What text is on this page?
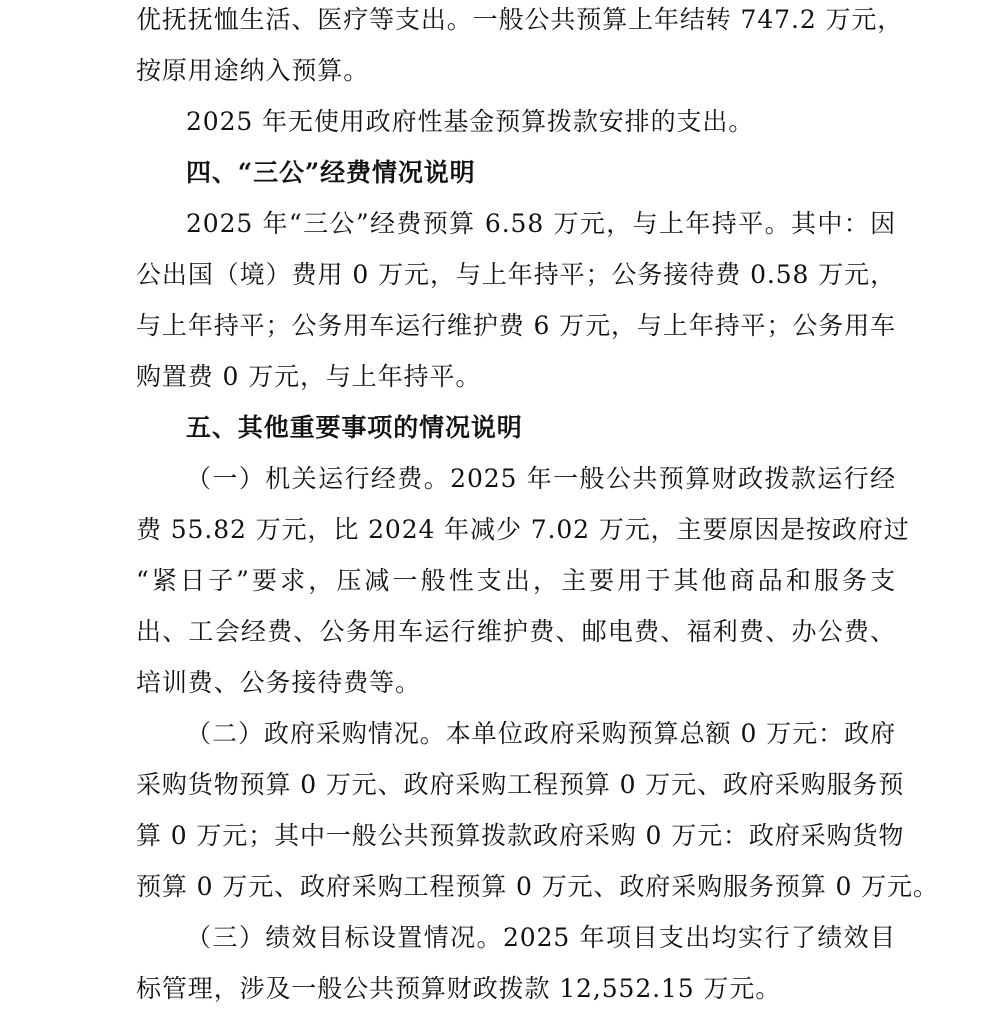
优抚抚恤生活、医疗等支出。一般公共预算上年结转 747.2 万元，
按原用途纳入预算。
2025 年无使用政府性基金预算拨款安排的支出。
四、“三公”经费情况说明
2025 年“三公”经费预算 6.58 万元，与上年持平。其中：因
公出国（境）费用 0 万元，与上年持平；公务接待费 0.58 万元，
与上年持平；公务用车运行维护费 6 万元，与上年持平；公务用车
购置费 0 万元，与上年持平。
五、其他重要事项的情况说明
（一）机关运行经费。2025 年一般公共预算财政拨款运行经
费 55.82 万元，比 2024 年减少 7.02 万元，主要原因是按政府过
“紧日子”要求，压减一般性支出，主要用于其他商品和服务支
出、工会经费、公务用车运行维护费、邮电费、福利费、办公费、
培训费、公务接待费等。
（二）政府采购情况。本单位政府采购预算总额 0 万元：政府
采购货物预算 0 万元、政府采购工程预算 0 万元、政府采购服务预
算 0 万元；其中一般公共预算拨款政府采购 0 万元：政府采购货物
预算 0 万元、政府采购工程预算 0 万元、政府采购服务预算 0 万元。
（三）绩效目标设置情况。2025 年项目支出均实行了绩效目
标管理，涉及一般公共预算财政拨款 12,552.15 万元。
